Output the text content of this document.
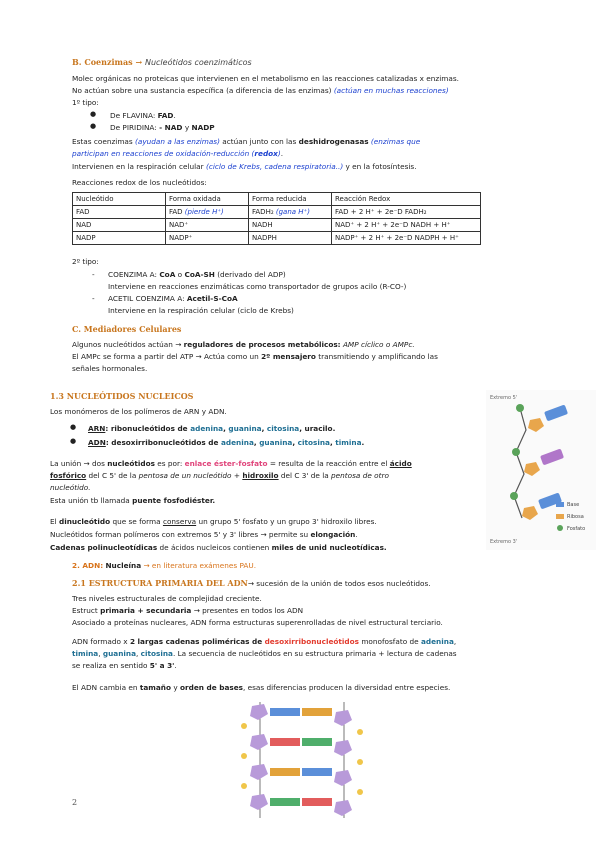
B. Coenzimas → Nucleótidos coenzimáticos
Molec orgánicas no proteicas que intervienen en el metabolismo en las reacciones catalizadas x enzimas.
No actúan sobre una sustancia específica (a diferencia de las enzimas) (actúan en muchas reacciones)
1º tipo:
● De FLAVINA: FAD.
● De PIRIDINA: - NAD y NADP
Estas coenzimas (ayudan a las enzimas) actúan junto con las deshidrogenasas (enzimas que
participan en reacciones de oxidación-reducción (redox).
Intervienen en la respiración celular (ciclo de Krebs, cadena respiratoria..) y en la fotosíntesis.
Reacciones redox de los nucleótidos:
Nucleótido	Forma oxidada	Forma reducida	Reacción Redox
FAD	FAD (pierde H⁺)	FADH₂ (gana H⁺)	FAD + 2 H⁺ + 2e⁻D FADH₂
NAD	NAD⁺	NADH	NAD⁺ + 2 H⁺ + 2e⁻D NADH + H⁺
NADP	NADP⁺	NADPH	NADP⁺ + 2 H⁺ + 2e⁻D NADPH + H⁺
2º tipo:
- COENZIMA A: CoA o CoA-SH (derivado del ADP)
Interviene en reacciones enzimáticas como transportador de grupos acilo (R-CO-)
- ACETIL COENZIMA A: Acetil-S-CoA
Interviene en la respiración celular (ciclo de Krebs)
C. Mediadores Celulares
Algunos nucleótidos actúan → reguladores de procesos metabólicos: AMP cíclico o AMPc.
El AMPc se forma a partir del ATP → Actúa como un 2º mensajero transmitiendo y amplificando las
señales hormonales.
1.3 NUCLEÓTIDOS NUCLEICOS
Los monómeros de los polímeros de ARN y ADN.
● ARN: ribonucleótidos de adenina, guanina, citosina, uracilo.
● ADN: desoxirribonucleótidos de adenina, guanina, citosina, timina.
La unión → dos nucleótidos es por: enlace éster-fosfato = resulta de la reacción entre el ácido
fosfórico del C 5' de la pentosa de un nucleótido + hidroxilo del C 3' de la pentosa de otro
nucleótido.
Esta unión tb llamada puente fosfodiéster.
El dinucleótido que se forma conserva un grupo 5' fosfato y un grupo 3' hidroxilo libres.
Nucleótidos forman polímeros con extremos 5' y 3' libres → permite su elongación.
Cadenas polinucleotídicas de ácidos nucleicos contienen miles de unid nucleotídicas.
Extremo 5'
Extremo 3'
Base
Ribosa
Fosfato
2. ADN: Nucleína → en literatura exámenes PAU.
2.1 ESTRUCTURA PRIMARIA DEL ADN→ sucesión de la unión de todos esos nucleótidos.
Tres niveles estructurales de complejidad creciente.
Estruct primaria + secundaria → presentes en todos los ADN
Asociado a proteínas nucleares, ADN forma estructuras superenrolladas de nivel estructural terciario.
ADN formado x 2 largas cadenas poliméricas de desoxirribonucleótidos monofosfato de adenina,
timina, guanina, citosina. La secuencia de nucleótidos en su estructura primaria + lectura de cadenas
se realiza en sentido 5' a 3'.
El ADN cambia en tamaño y orden de bases, esas diferencias producen la diversidad entre especies.
2
